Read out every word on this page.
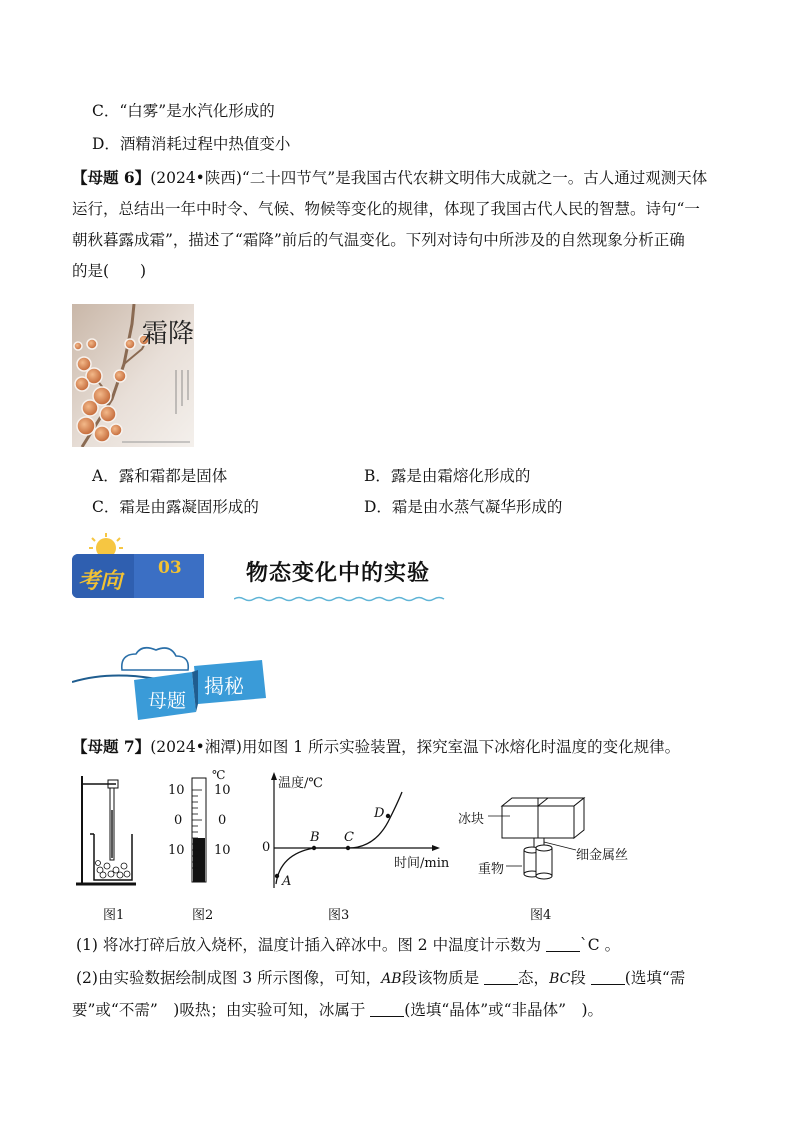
C．“白雾”是水汽化形成的
D．酒精消耗过程中热值变小
【母题 6】(2024•陕西)“二十四节气”是我国古代农耕文明伟大成就之一。古人通过观测天体
运行，总结出一年中时令、气候、物候等变化的规律，体现了我国古代人民的智慧。诗句“一
朝秋暮露成霜”，描述了“霜降”前后的气温变化。下列对诗句中所涉及的自然现象分析正确
的是(　　)
霜降
A．露和霜都是固体	B．露是由霜熔化形成的
C．霜是由露凝固形成的	D．霜是由水蒸气凝华形成的
考向
03	物态变化中的实验
母题
揭秘
【母题 7】(2024•湘潭)用如图 1 所示实验装置，探究室温下冰熔化时温度的变化规律。
℃
10 10
0	0
10 10
温度/℃
时间/min
0
A
B C
D	冰块
重物
细金属丝
图1	图2	图3	图4
(1) 将冰打碎后放入烧杯，温度计插入碎冰中。图 2 中温度计示数为	`C 。
(2)由实验数据绘制成图 3 所示图像，可知，AB段该物质是	态，BC段	(选填“需
要”或“不需”　)吸热；由实验可知，冰属于	(选填“晶体”或“非晶体”　)。
